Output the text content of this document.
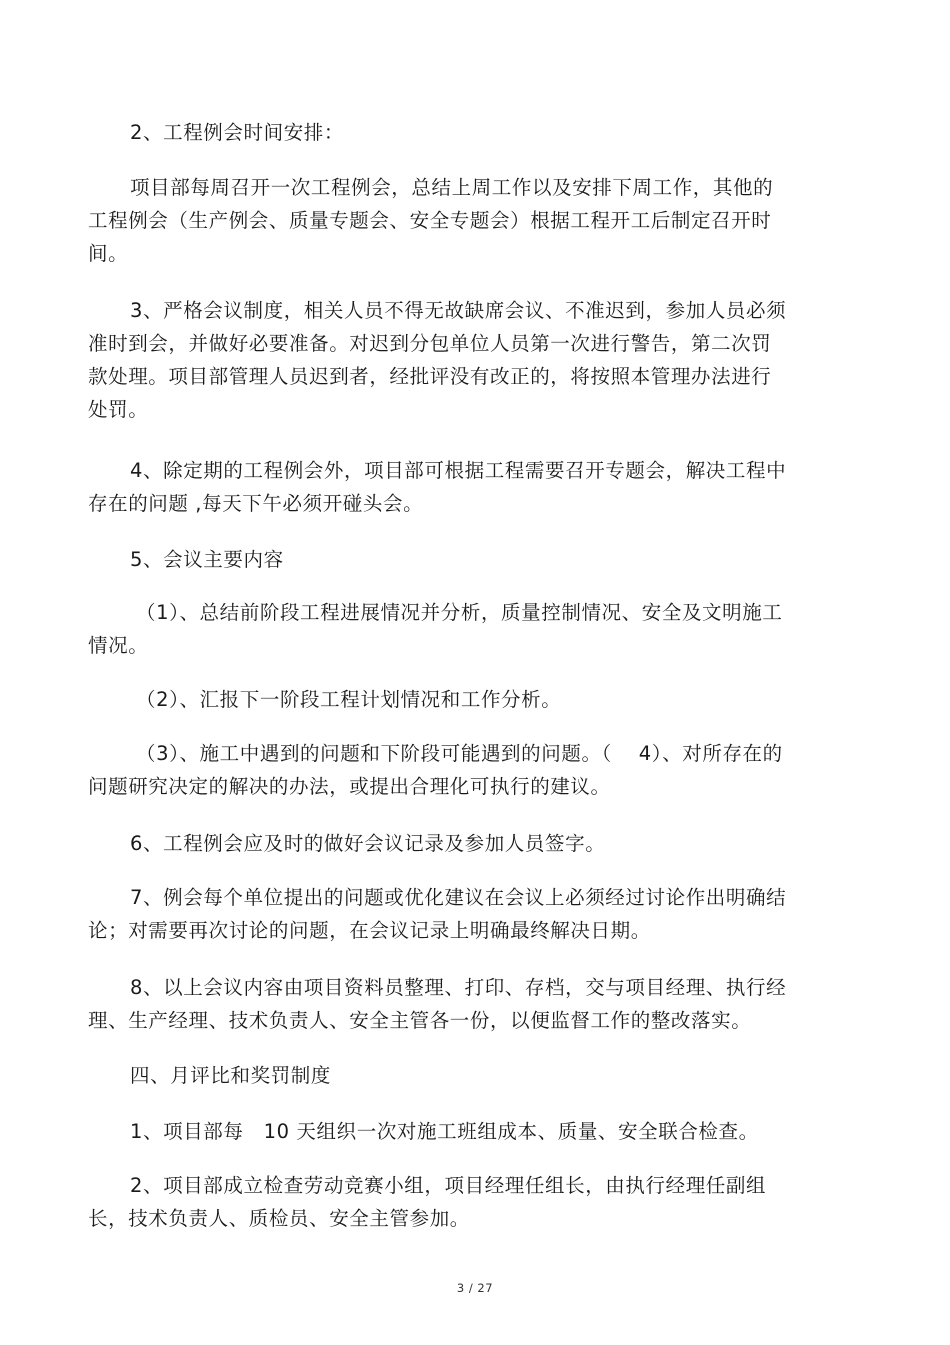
2、工程例会时间安排：
项目部每周召开一次工程例会，总结上周工作以及安排下周工作，其他的
工程例会（生产例会、质量专题会、安全专题会）根据工程开工后制定召开时
间。
3、严格会议制度，相关人员不得无故缺席会议、不准迟到，参加人员必须
准时到会，并做好必要准备。对迟到分包单位人员第一次进行警告，第二次罚
款处理。项目部管理人员迟到者，经批评没有改正的，将按照本管理办法进行
处罚。
4、除定期的工程例会外，项目部可根据工程需要召开专题会，解决工程中
存在的问题 ,每天下午必须开碰头会。
5、会议主要内容
（1）、总结前阶段工程进展情况并分析，质量控制情况、安全及文明施工
情况。
（2）、汇报下一阶段工程计划情况和工作分析。
（3）、施工中遇到的问题和下阶段可能遇到的问题。（　 4）、对所存在的
问题研究决定的解决的办法，或提出合理化可执行的建议。
6、工程例会应及时的做好会议记录及参加人员签字。
7、例会每个单位提出的问题或优化建议在会议上必须经过讨论作出明确结
论；对需要再次讨论的问题，在会议记录上明确最终解决日期。
8、以上会议内容由项目资料员整理、打印、存档，交与项目经理、执行经
理、生产经理、技术负责人、安全主管各一份，以便监督工作的整改落实。
四、月评比和奖罚制度
1、项目部每　10 天组织一次对施工班组成本、质量、安全联合检查。
2、项目部成立检查劳动竞赛小组，项目经理任组长，由执行经理任副组
长，技术负责人、质检员、安全主管参加。
3 / 27
